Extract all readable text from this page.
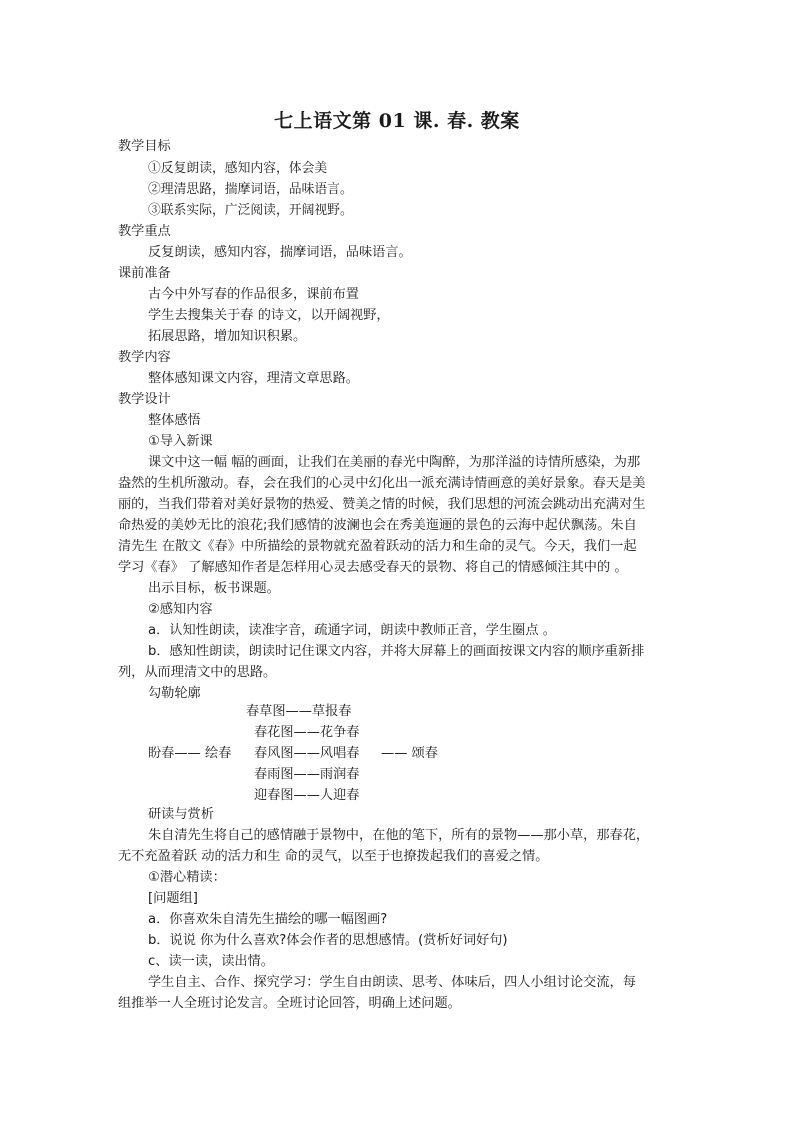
七上语文第 01 课. 春. 教案
教学目标
①反复朗读，感知内容，体会美
②理清思路，揣摩词语，品味语言。
③联系实际，广泛阅读，开阔视野。
教学重点
反复朗读，感知内容，揣摩词语，品味语言。
课前准备
古今中外写春的作品很多，课前布置
学生去搜集关于春 的诗文，以开阔视野，
拓展思路，增加知识积累。
教学内容
整体感知课文内容，理清文章思路。
教学设计
整体感悟
①导入新课
课文中这一幅 幅的画面，让我们在美丽的春光中陶醉，为那洋溢的诗情所感染，为那
盎然的生机所激动。春，会在我们的心灵中幻化出一派充满诗情画意的美好景象。春天是美
丽的，当我们带着对美好景物的热爱、赞美之情的时候，我们思想的河流会跳动出充满对生
命热爱的美妙无比的浪花;我们感情的波澜也会在秀美迤逦的景色的云海中起伏飘荡。朱自
清先生 在散文《春》中所描绘的景物就充盈着跃动的活力和生命的灵气。今天，我们一起
学习《春》 了解感知作者是怎样用心灵去感受春天的景物、将自己的情感倾注其中的 。
出示目标，板书课题。
②感知内容
a．认知性朗读，读准字音，疏通字词，朗读中教师正音，学生圈点 。
b．感知性朗读，朗读时记住课文内容，并将大屏幕上的画面按课文内容的顺序重新排
列，从而理清文中的思路。
勾勒轮廓
春草图——草报春
春花图——花争春
盼春—— 绘春 春风图——风唱春 —— 颂春
春雨图——雨润春
迎春图——人迎春
研读与赏析
朱自清先生将自己的感情融于景物中，在他的笔下，所有的景物——那小草，那春花，
无不充盈着跃 动的活力和生 命的灵气，以至于也撩拨起我们的喜爱之情。
①潜心精读：
[问题组]
a．你喜欢朱自清先生描绘的哪一幅图画?
b．说说 你为什么喜欢?体会作者的思想感情。(赏析好词好句)
c、读一读，读出情。
学生自主、合作、探究学习：学生自由朗读、思考、体味后，四人小组讨论交流，每
组推举一人全班讨论发言。全班讨论回答，明确上述问题。
